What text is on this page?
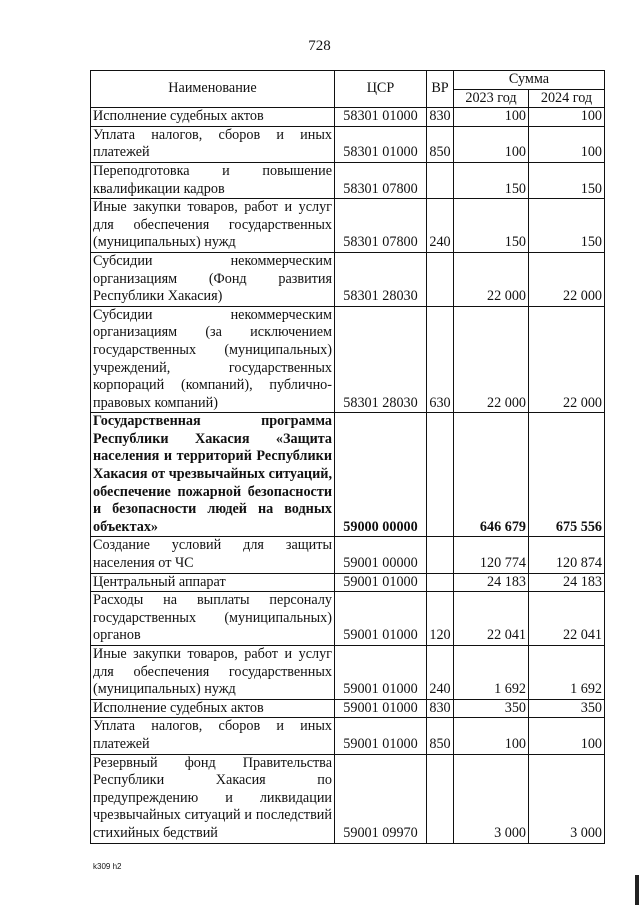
728
Наименование	ЦСР	ВР	Сумма	
			2023 год	2024 год
Исполнение судебных актов	58301 01000	830	100	100
Уплата налогов, сборов и иных платежей	58301 01000	850	100	100
Переподготовка и повышение квалификации кадров	58301 07800		150	150
Иные закупки товаров, работ и услуг для обеспечения государственных (муниципальных) нужд	58301 07800	240	150	150
Субсидии некоммерческим организациям (Фонд развития Республики Хакасия)	58301 28030		22 000	22 000
Субсидии некоммерческим организациям (за исключением государственных (муниципальных) учреждений, государственных корпораций (компаний), публично-правовых компаний)	58301 28030	630	22 000	22 000
Государственная программа Республики Хакасия «Защита населения и территорий Республики Хакасия от чрезвычайных ситуаций, обеспечение пожарной безопасности и безопасности людей на водных объектах»	59000 00000		646 679	675 556
Создание условий для защиты населения от ЧС	59001 00000		120 774	120 874
Центральный аппарат	59001 01000		24 183	24 183
Расходы на выплаты персоналу государственных (муниципальных) органов	59001 01000	120	22 041	22 041
Иные закупки товаров, работ и услуг для обеспечения государственных (муниципальных) нужд	59001 01000	240	1 692	1 692
Исполнение судебных актов	59001 01000	830	350	350
Уплата налогов, сборов и иных платежей	59001 01000	850	100	100
Резервный фонд Правительства Республики Хакасия по предупреждению и ликвидации чрезвычайных ситуаций и последствий стихийных бедствий	59001 09970		3 000	3 000
k309 h2
